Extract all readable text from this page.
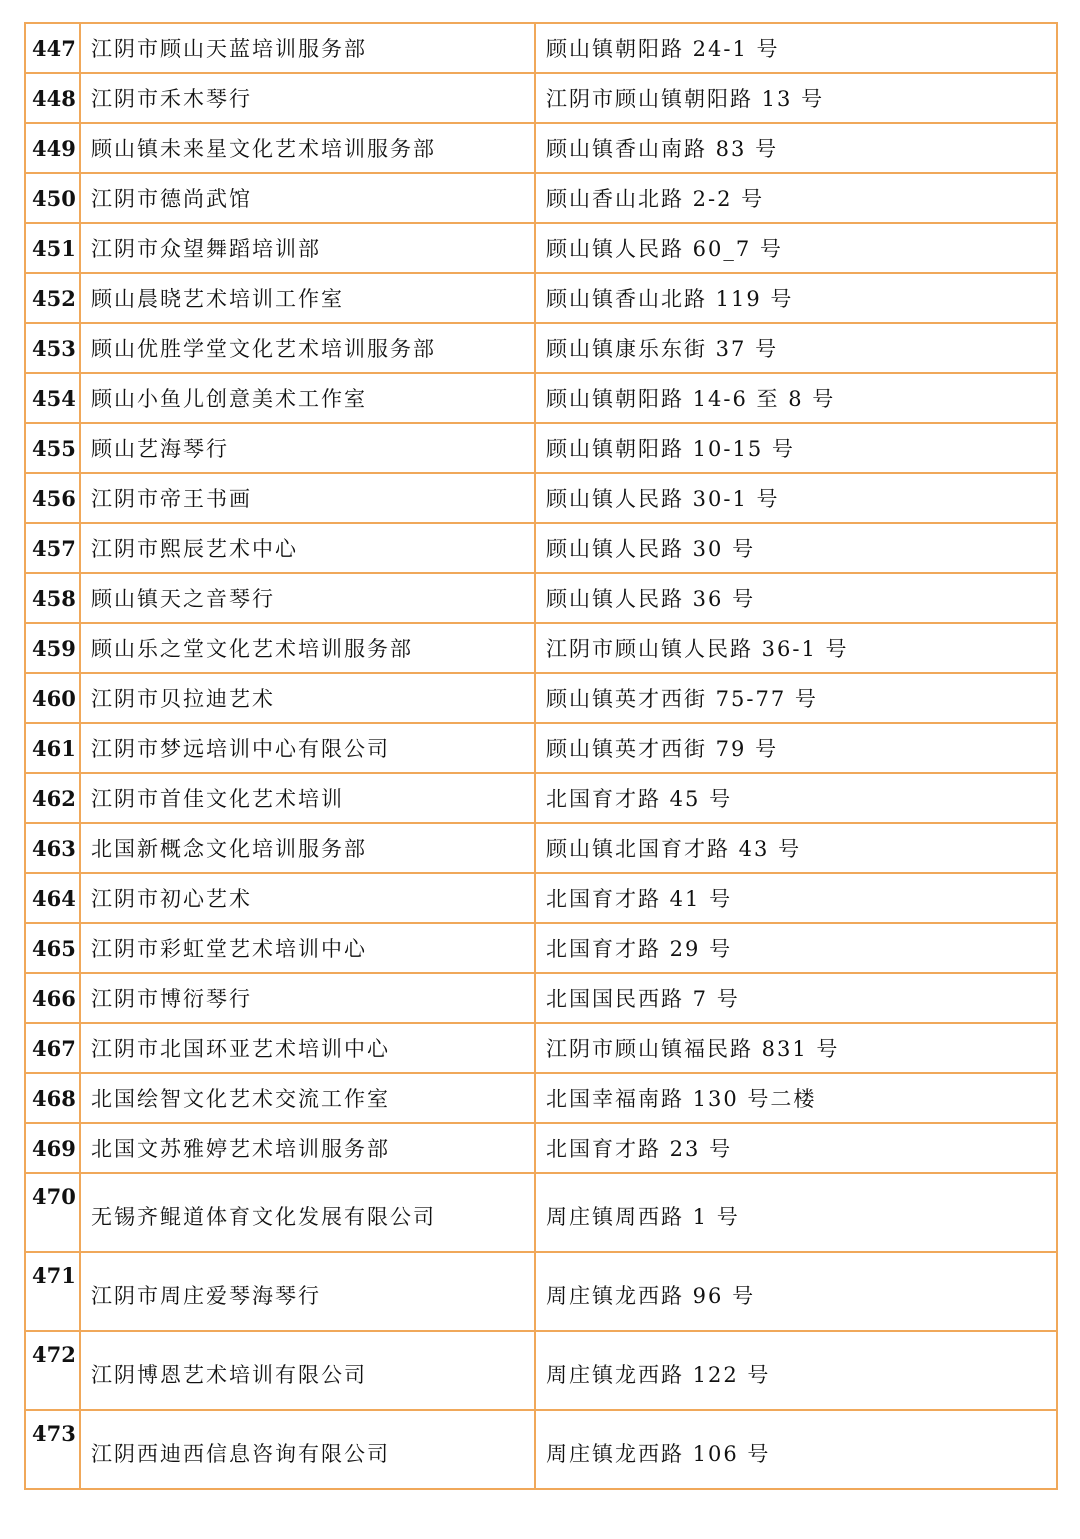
447	江阴市顾山天蓝培训服务部	顾山镇朝阳路 24-1 号
448	江阴市禾木琴行	江阴市顾山镇朝阳路 13 号
449	顾山镇未来星文化艺术培训服务部	顾山镇香山南路 83 号
450	江阴市德尚武馆	顾山香山北路 2-2 号
451	江阴市众望舞蹈培训部	顾山镇人民路 60_7 号
452	顾山晨晓艺术培训工作室	顾山镇香山北路 119 号
453	顾山优胜学堂文化艺术培训服务部	顾山镇康乐东街 37 号
454	顾山小鱼儿创意美术工作室	顾山镇朝阳路 14-6 至 8 号
455	顾山艺海琴行	顾山镇朝阳路 10-15 号
456	江阴市帝王书画	顾山镇人民路 30-1 号
457	江阴市熙辰艺术中心	顾山镇人民路 30 号
458	顾山镇天之音琴行	顾山镇人民路 36 号
459	顾山乐之堂文化艺术培训服务部	江阴市顾山镇人民路 36-1 号
460	江阴市贝拉迪艺术	顾山镇英才西街 75-77 号
461	江阴市梦远培训中心有限公司	顾山镇英才西街 79 号
462	江阴市首佳文化艺术培训	北国育才路 45 号
463	北国新概念文化培训服务部	顾山镇北国育才路 43 号
464	江阴市初心艺术	北国育才路 41 号
465	江阴市彩虹堂艺术培训中心	北国育才路 29 号
466	江阴市博衍琴行	北国国民西路 7 号
467	江阴市北国环亚艺术培训中心	江阴市顾山镇福民路 831 号
468	北国绘智文化艺术交流工作室	北国幸福南路 130 号二楼
469	北国文苏雅婷艺术培训服务部	北国育才路 23 号
470	无锡齐鲲道体育文化发展有限公司	周庄镇周西路 1 号
471	江阴市周庄爱琴海琴行	周庄镇龙西路 96 号
472	江阴博恩艺术培训有限公司	周庄镇龙西路 122 号
473	江阴西迪西信息咨询有限公司	周庄镇龙西路 106 号
